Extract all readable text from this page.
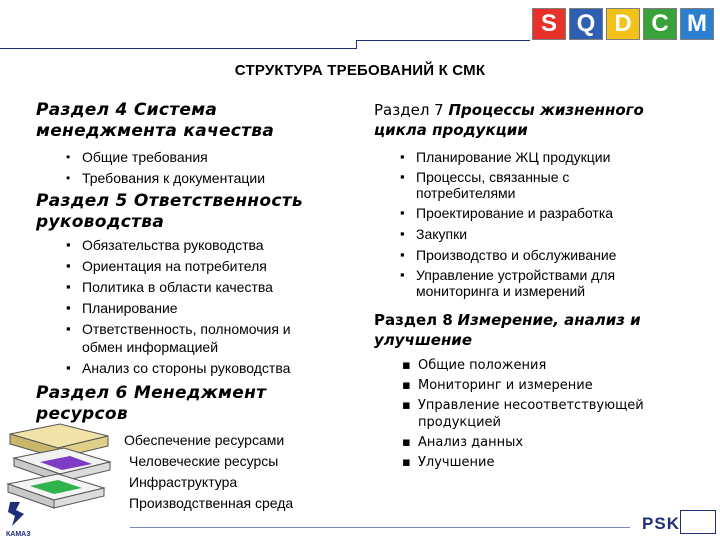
S Q D C M
СТРУКТУРА ТРЕБОВАНИЙ К СМК
Раздел 4 Система менеджмента качества
• Общие требования
• Требования к документации
Раздел 5 Ответственность руководства
▪ Обязательства руководства
▪ Ориентация на потребителя
▪ Политика в области качества
▪ Планирование
▪ Ответственность, полномочия и обмен информацией
▪ Анализ со стороны руководства
Раздел 6 Менеджмент ресурсов
Обеспечение ресурсами
Человеческие ресурсы
Инфраструктура
Производственная среда
Раздел 7 Процессы жизненного цикла продукции
▪ Планирование ЖЦ продукции
▪ Процессы, связанные с потребителями
▪ Проектирование и разработка
▪ Закупки
▪ Производство и обслуживание
▪ Управление устройствами для мониторинга и измерений
Раздел 8 Измерение, анализ и улучшение
▪ Общие положения
▪ Мониторинг и измерение
▪ Управление несоответствующей продукцией
▪ Анализ данных
▪ Улучшение
PSK
КАМАЗ
